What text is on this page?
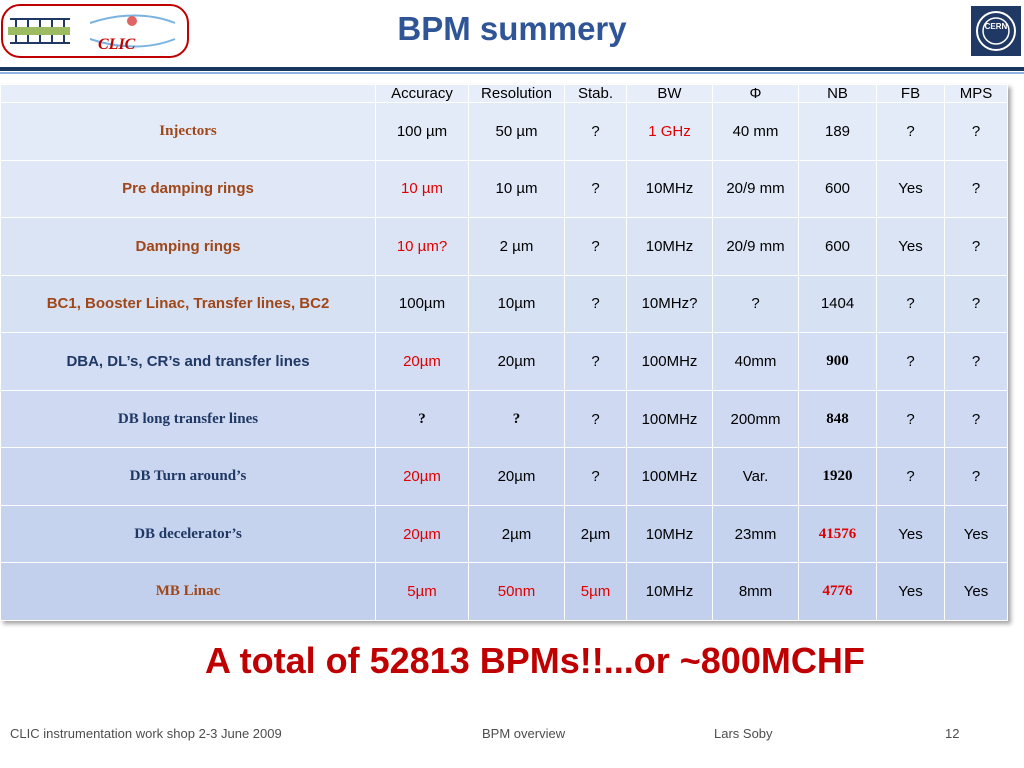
CLIC
CERN
BPM summery
	Accuracy	Resolution	Stab.	BW	Φ	NB	FB	MPS
Injectors	100 µm	50 µm	?	1 GHz	40 mm	189	?	?
Pre damping rings	10 µm	10 µm	?	10MHz	20/9 mm	600	Yes	?
Damping rings	10 µm?	2 µm	?	10MHz	20/9 mm	600	Yes	?
BC1, Booster Linac, Transfer lines, BC2	100µm	10µm	?	10MHz?	?	1404	?	?
DBA, DL’s, CR’s and transfer lines	20µm	20µm	?	100MHz	40mm	900	?	?
DB long transfer lines	?	?	?	100MHz	200mm	848	?	?
DB Turn around’s	20µm	20µm	?	100MHz	Var.	1920	?	?
DB decelerator’s	20µm	2µm	2µm	10MHz	23mm	41576	Yes	Yes
MB Linac	5µm	50nm	5µm	10MHz	8mm	4776	Yes	Yes
A total of 52813 BPMs!!...or ~800MCHF
CLIC instrumentation work shop 2-3 June 2009	BPM overview	Lars Soby	12
